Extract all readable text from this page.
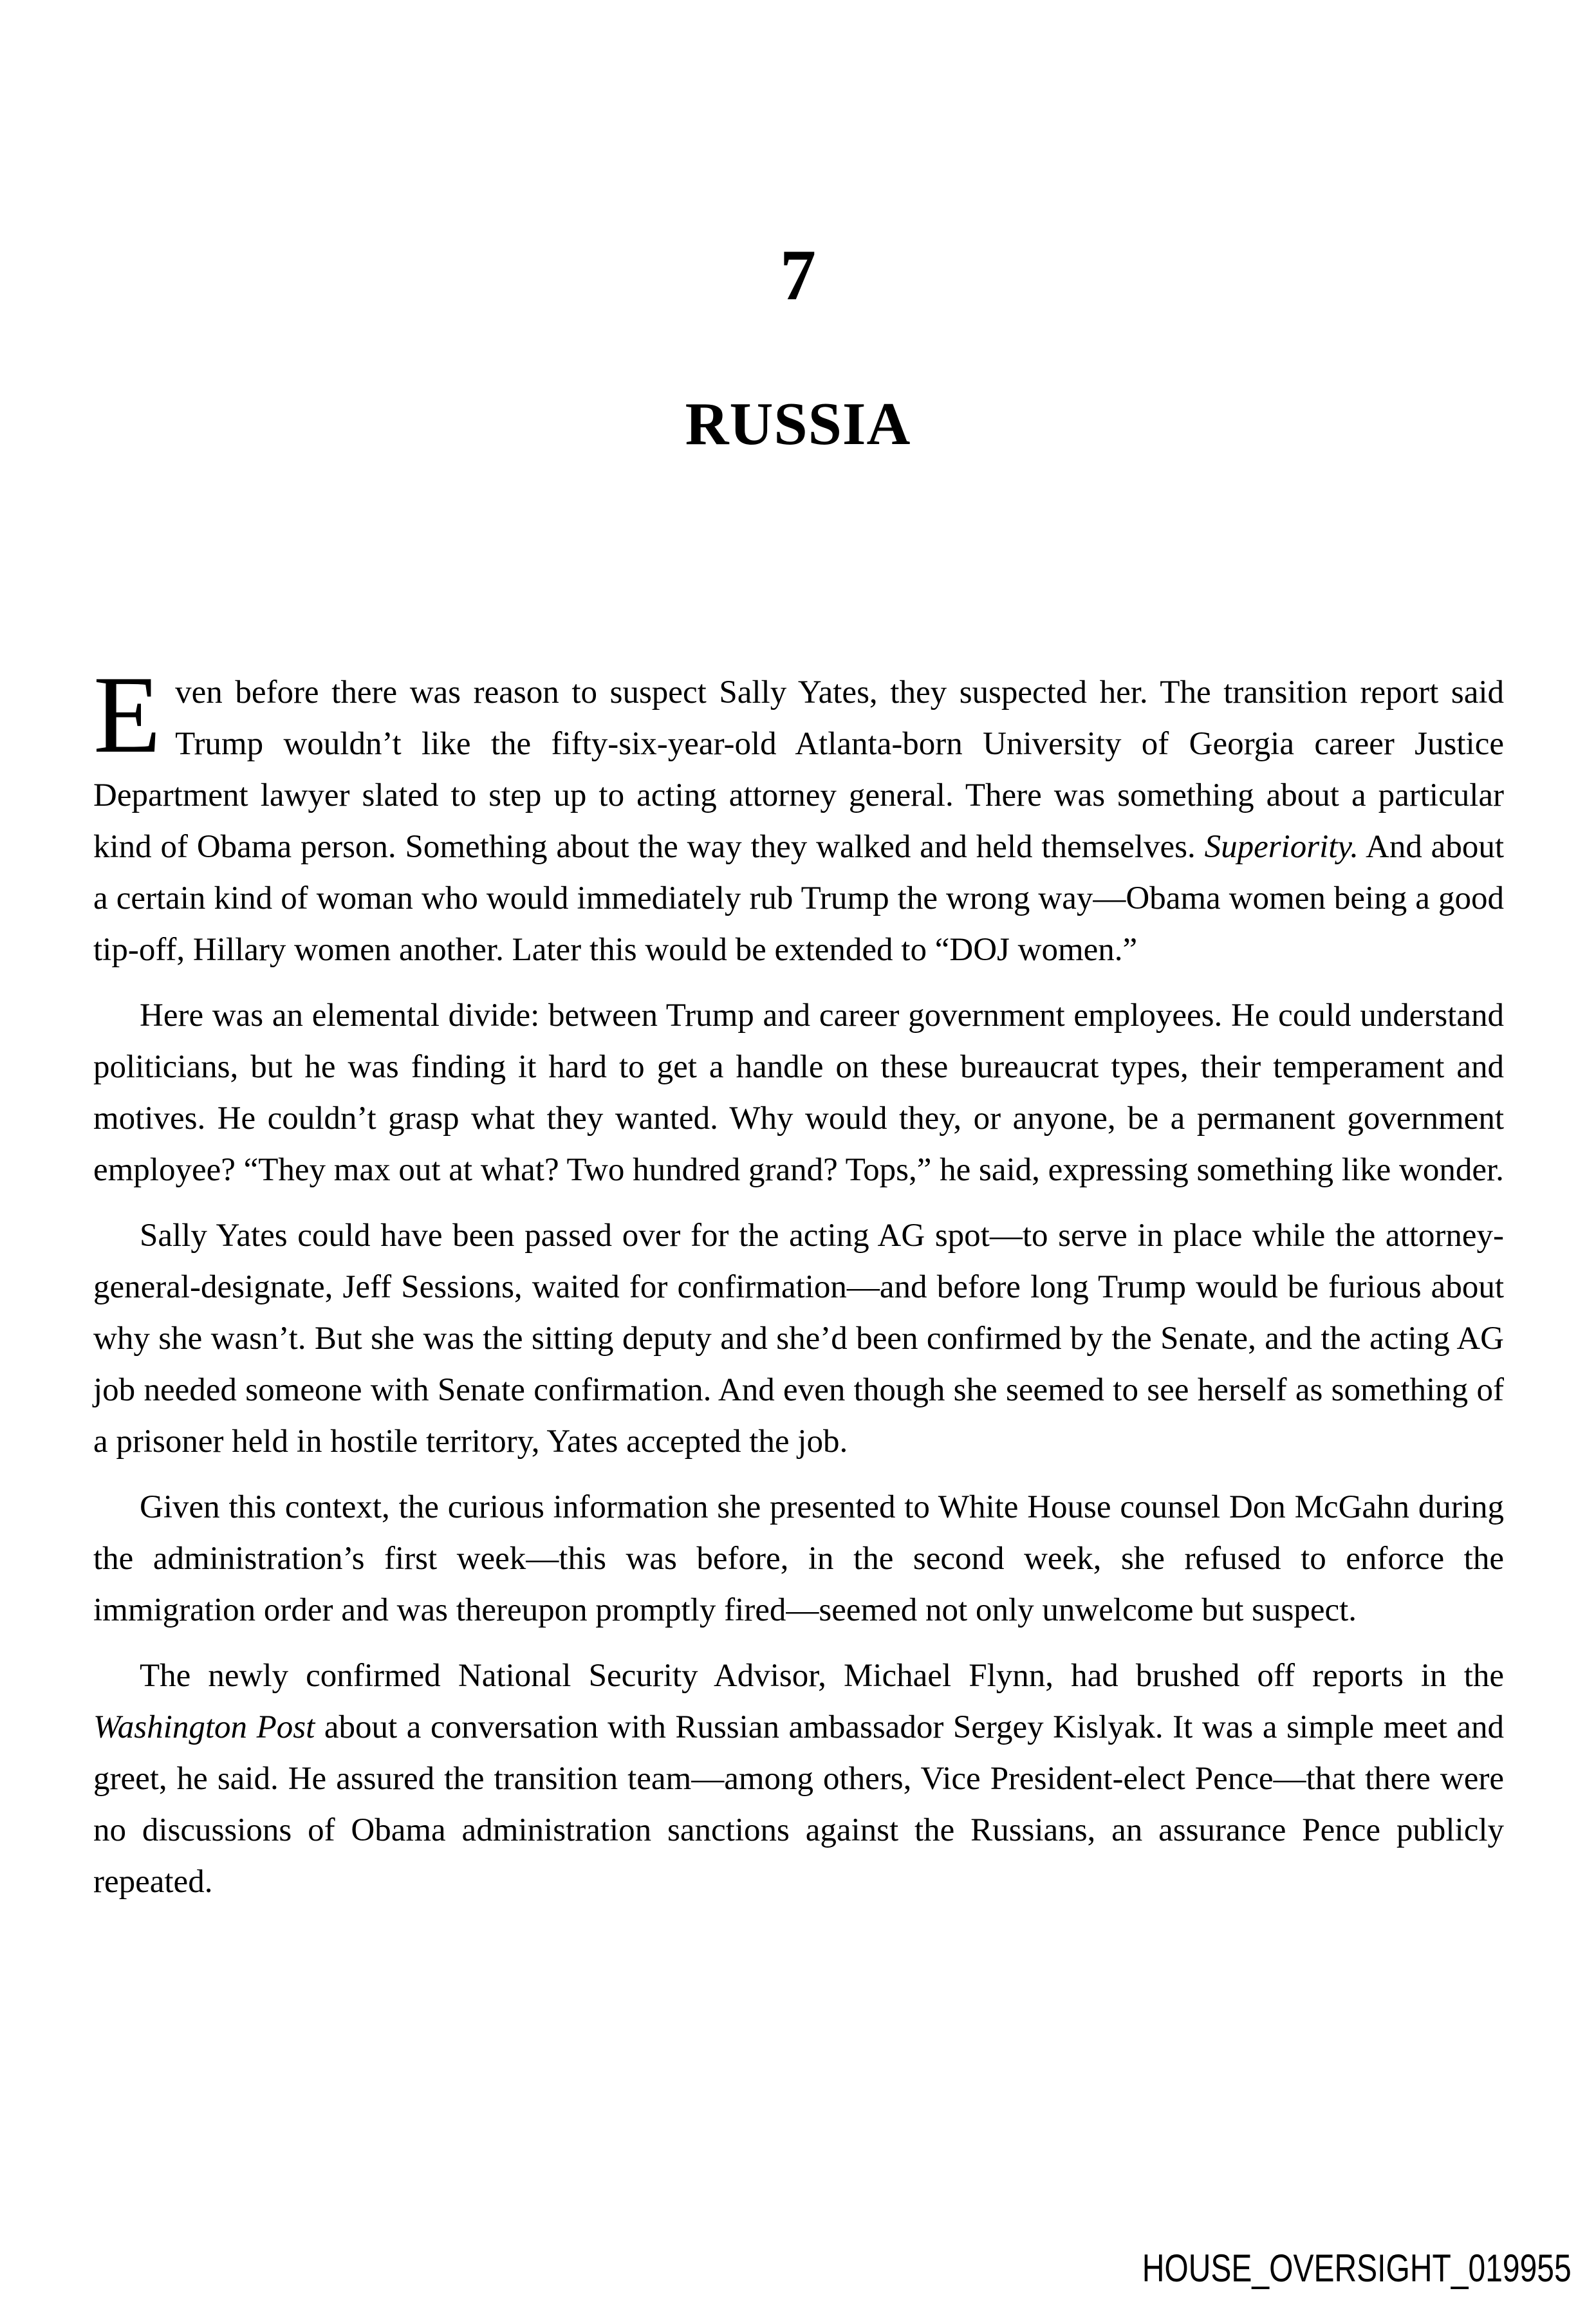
7
RUSSIA

Even before there was reason to suspect Sally Yates, they suspected her. The transition report said Trump wouldn’t like the fifty-six-year-old Atlanta-born University of Georgia career Justice Department lawyer slated to step up to acting attorney general. There was something about a particular kind of Obama person. Something about the way they walked and held themselves. Superiority. And about a certain kind of woman who would immediately rub Trump the wrong way—Obama women being a good tip-off, Hillary women another. Later this would be extended to “DOJ women.”

Here was an elemental divide: between Trump and career government employees. He could understand politicians, but he was finding it hard to get a handle on these bureaucrat types, their temperament and motives. He couldn’t grasp what they wanted. Why would they, or anyone, be a permanent government employee? “They max out at what? Two hundred grand? Tops,” he said, expressing something like wonder.

Sally Yates could have been passed over for the acting AG spot—to serve in place while the attorney-general-designate, Jeff Sessions, waited for confirmation—and before long Trump would be furious about why she wasn’t. But she was the sitting deputy and she’d been confirmed by the Senate, and the acting AG job needed someone with Senate confirmation. And even though she seemed to see herself as something of a prisoner held in hostile territory, Yates accepted the job.

Given this context, the curious information she presented to White House counsel Don McGahn during the administration’s first week—this was before, in the second week, she refused to enforce the immigration order and was thereupon promptly fired—seemed not only unwelcome but suspect.

The newly confirmed National Security Advisor, Michael Flynn, had brushed off reports in the Washington Post about a conversation with Russian ambassador Sergey Kislyak. It was a simple meet and greet, he said. He assured the transition team—among others, Vice President-elect Pence—that there were no discussions of Obama administration sanctions against the Russians, an assurance Pence publicly repeated.

HOUSE_OVERSIGHT_019955
